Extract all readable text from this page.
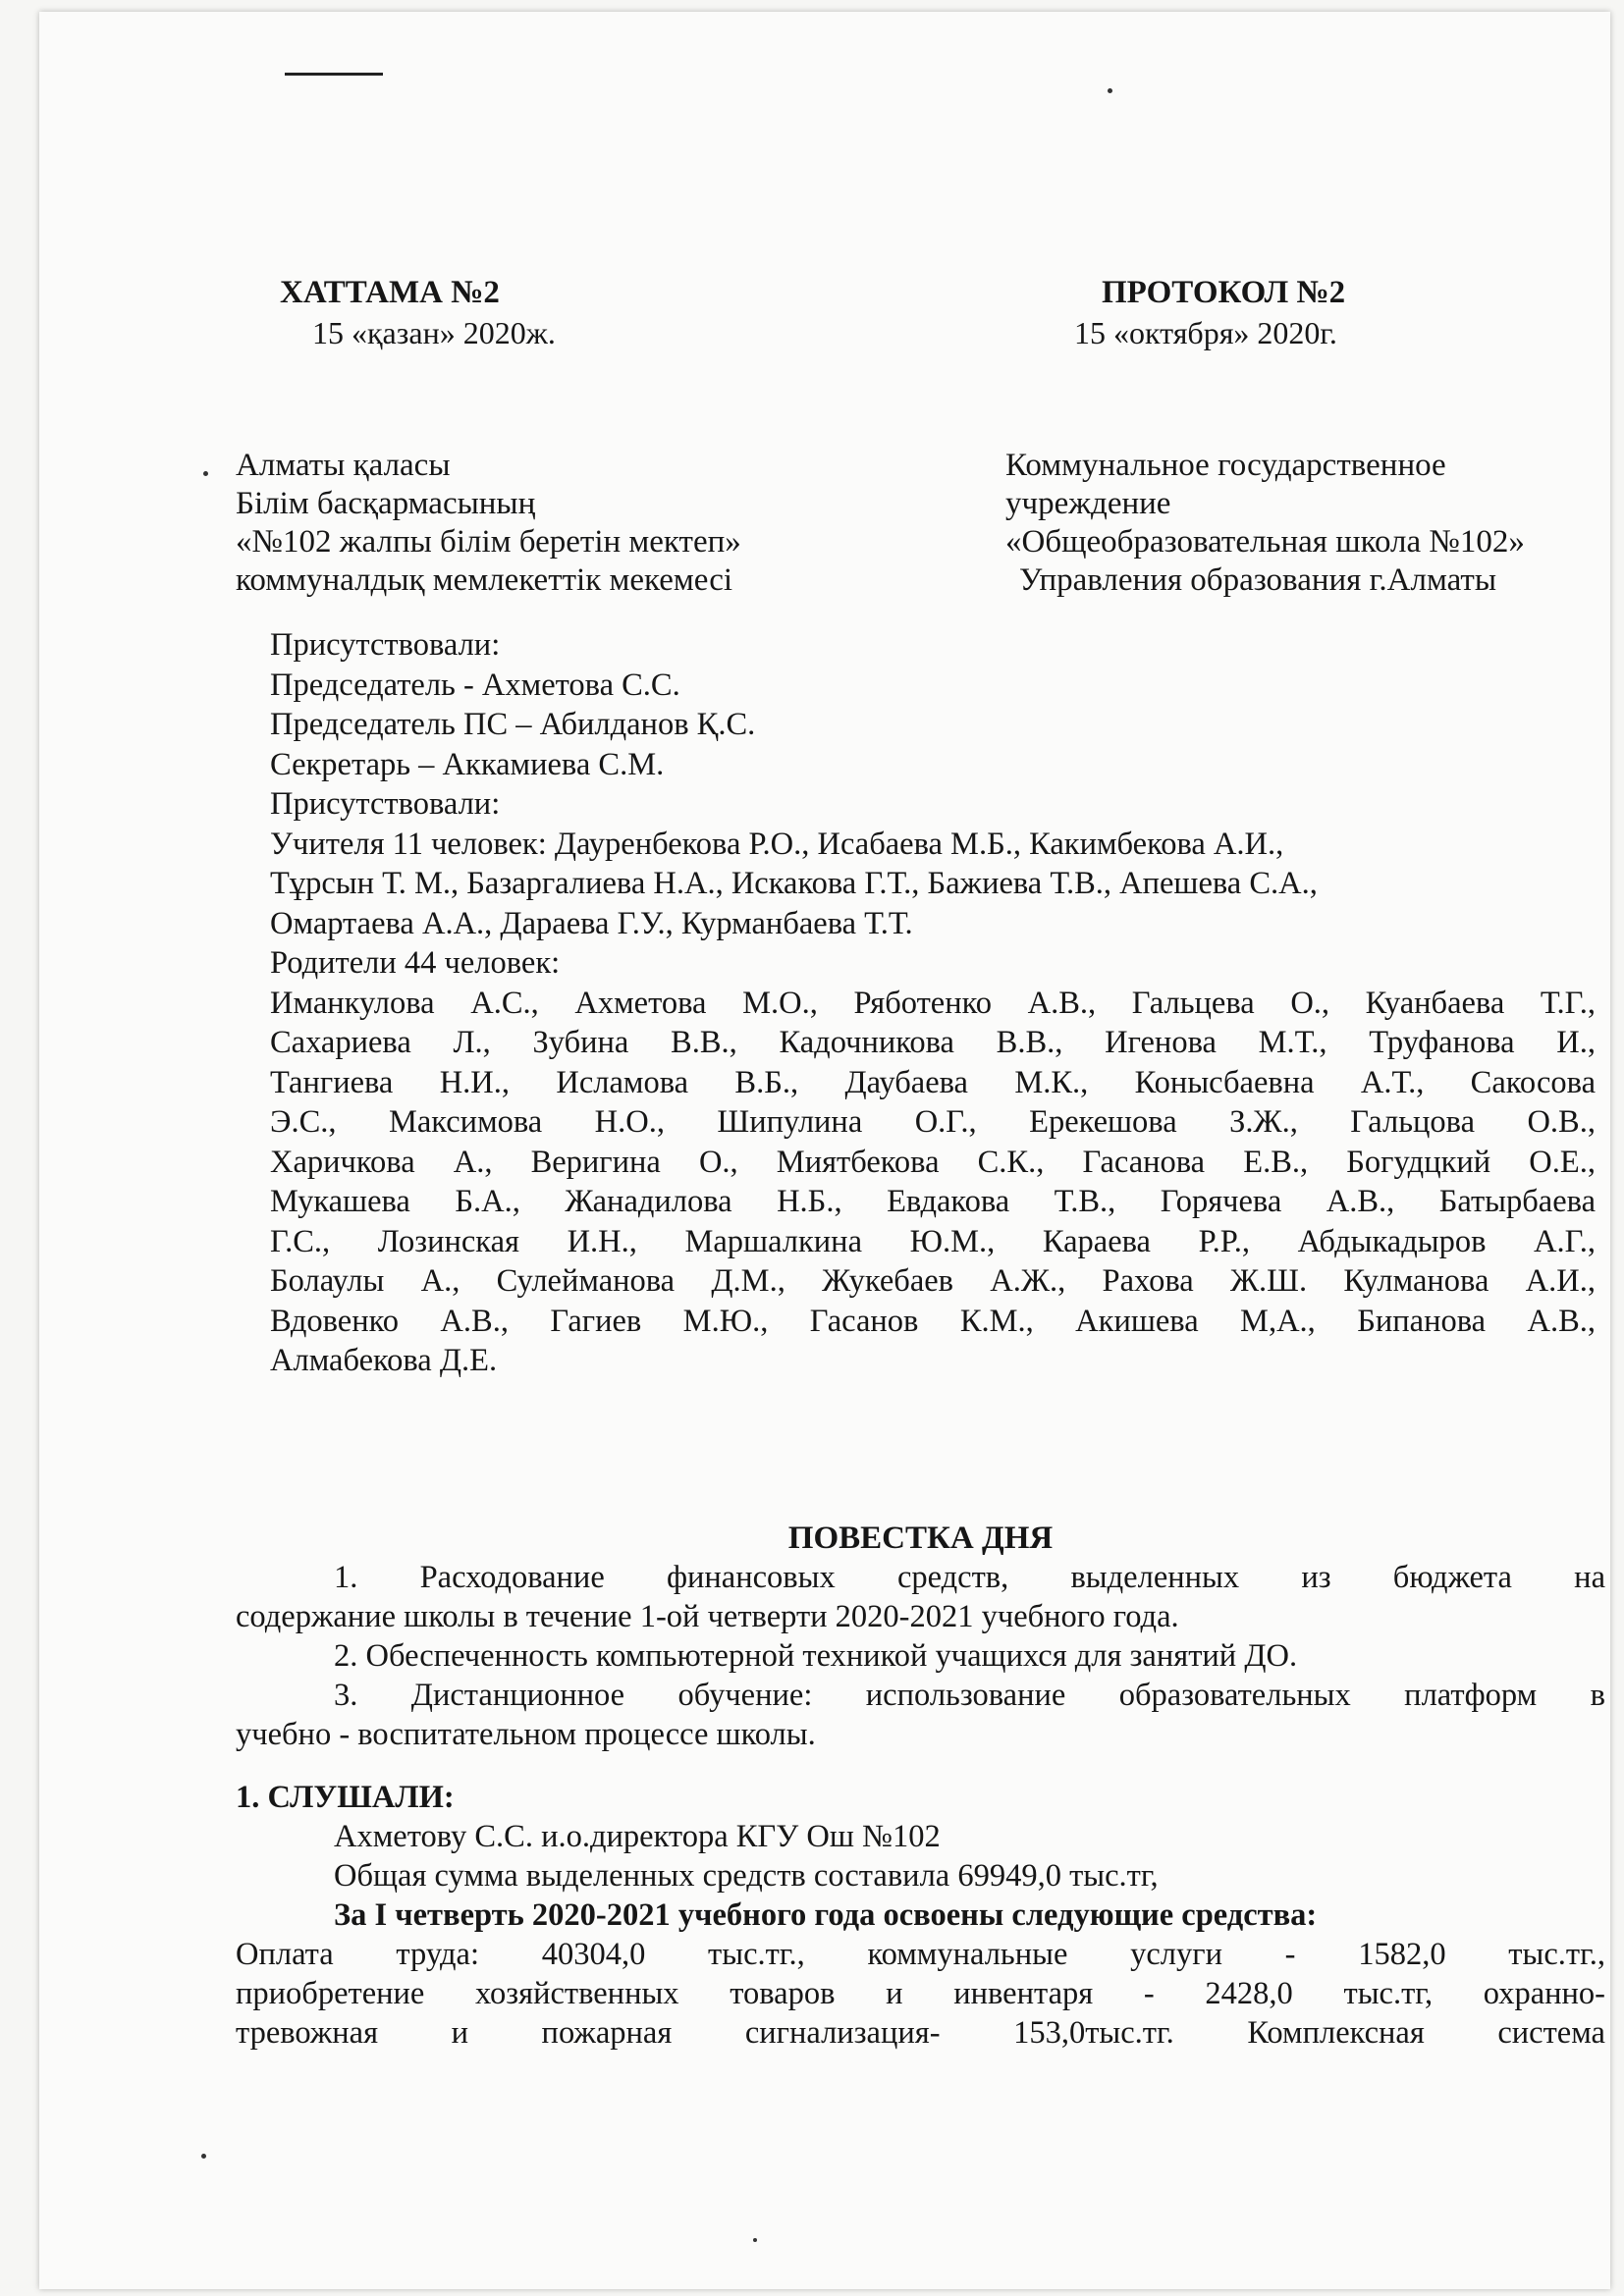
ХАТТАМА №2
15 «қазан» 2020ж.
ПРОТОКОЛ №2
15 «октября» 2020г.
Алматы қаласы
Білім басқармасының
«№102 жалпы білім беретін мектеп»
коммуналдық мемлекеттік мекемесі
Коммунальное государственное
учреждение
«Общеобразовательная школа №102»
Управления образования г.Алматы

Присутствовали:

Председатель - Ахметова С.С.

Председатель ПС – Абилданов Қ.С.

Секретарь – Аккамиева С.М.

Присутствовали:

Учителя 11 человек: Дауренбекова Р.О., Исабаева М.Б., Какимбекова А.И.,

Тұрсын Т. М., Базаргалиева Н.А., Искакова Г.Т., Бажиева Т.В., Апешева С.А.,

Омартаева А.А., Дараева Г.У., Курманбаева Т.Т.

Родители 44 человек:

Иманкулова А.С., Ахметова М.О., Ряботенко А.В., Гальцева О., Куанбаева Т.Г.,

Сахариева Л., Зубина В.В., Кадочникова В.В., Игенова М.Т., Труфанова И.,

Тангиева Н.И., Исламова В.Б., Даубаева М.К., Конысбаевна А.Т., Сакосова

Э.С., Максимова Н.О., Шипулина О.Г., Ерекешова З.Ж., Гальцова О.В.,

Харичкова А., Веригина О., Миятбекова С.К., Гасанова Е.В., Богудцкий О.Е.,

Мукашева Б.А., Жанадилова Н.Б., Евдакова Т.В., Горячева А.В., Батырбаева

Г.С., Лозинская И.Н., Маршалкина Ю.М., Караева Р.Р., Абдыкадыров А.Г.,

Болаулы А., Сулейманова Д.М., Жукебаев А.Ж., Рахова Ж.Ш. Кулманова А.И.,

Вдовенко А.В., Гагиев М.Ю., Гасанов К.М., Акишева М,А., Бипанова А.В.,

Алмабекова Д.Е.

ПОВЕСТКА ДНЯ

1. Расходование финансовых средств, выделенных из бюджета на

содержание школы в течение 1-ой четверти 2020-2021 учебного года.

2. Обеспеченность компьютерной техникой учащихся для занятий ДО.

3. Дистанционное обучение: использование образовательных платформ в

учебно - воспитательном процессе школы.

1. СЛУШАЛИ:

Ахметову С.С. и.о.директора КГУ Ош №102

Общая сумма выделенных средств составила 69949,0 тыс.тг,

За I четверть 2020-2021 учебного года освоены следующие средства:

Оплата труда: 40304,0 тыс.тг., коммунальные услуги - 1582,0 тыс.тг.,

приобретение хозяйственных товаров и инвентаря - 2428,0 тыс.тг, охранно-

тревожная и пожарная сигнализация- 153,0тыс.тг. Комплексная система
